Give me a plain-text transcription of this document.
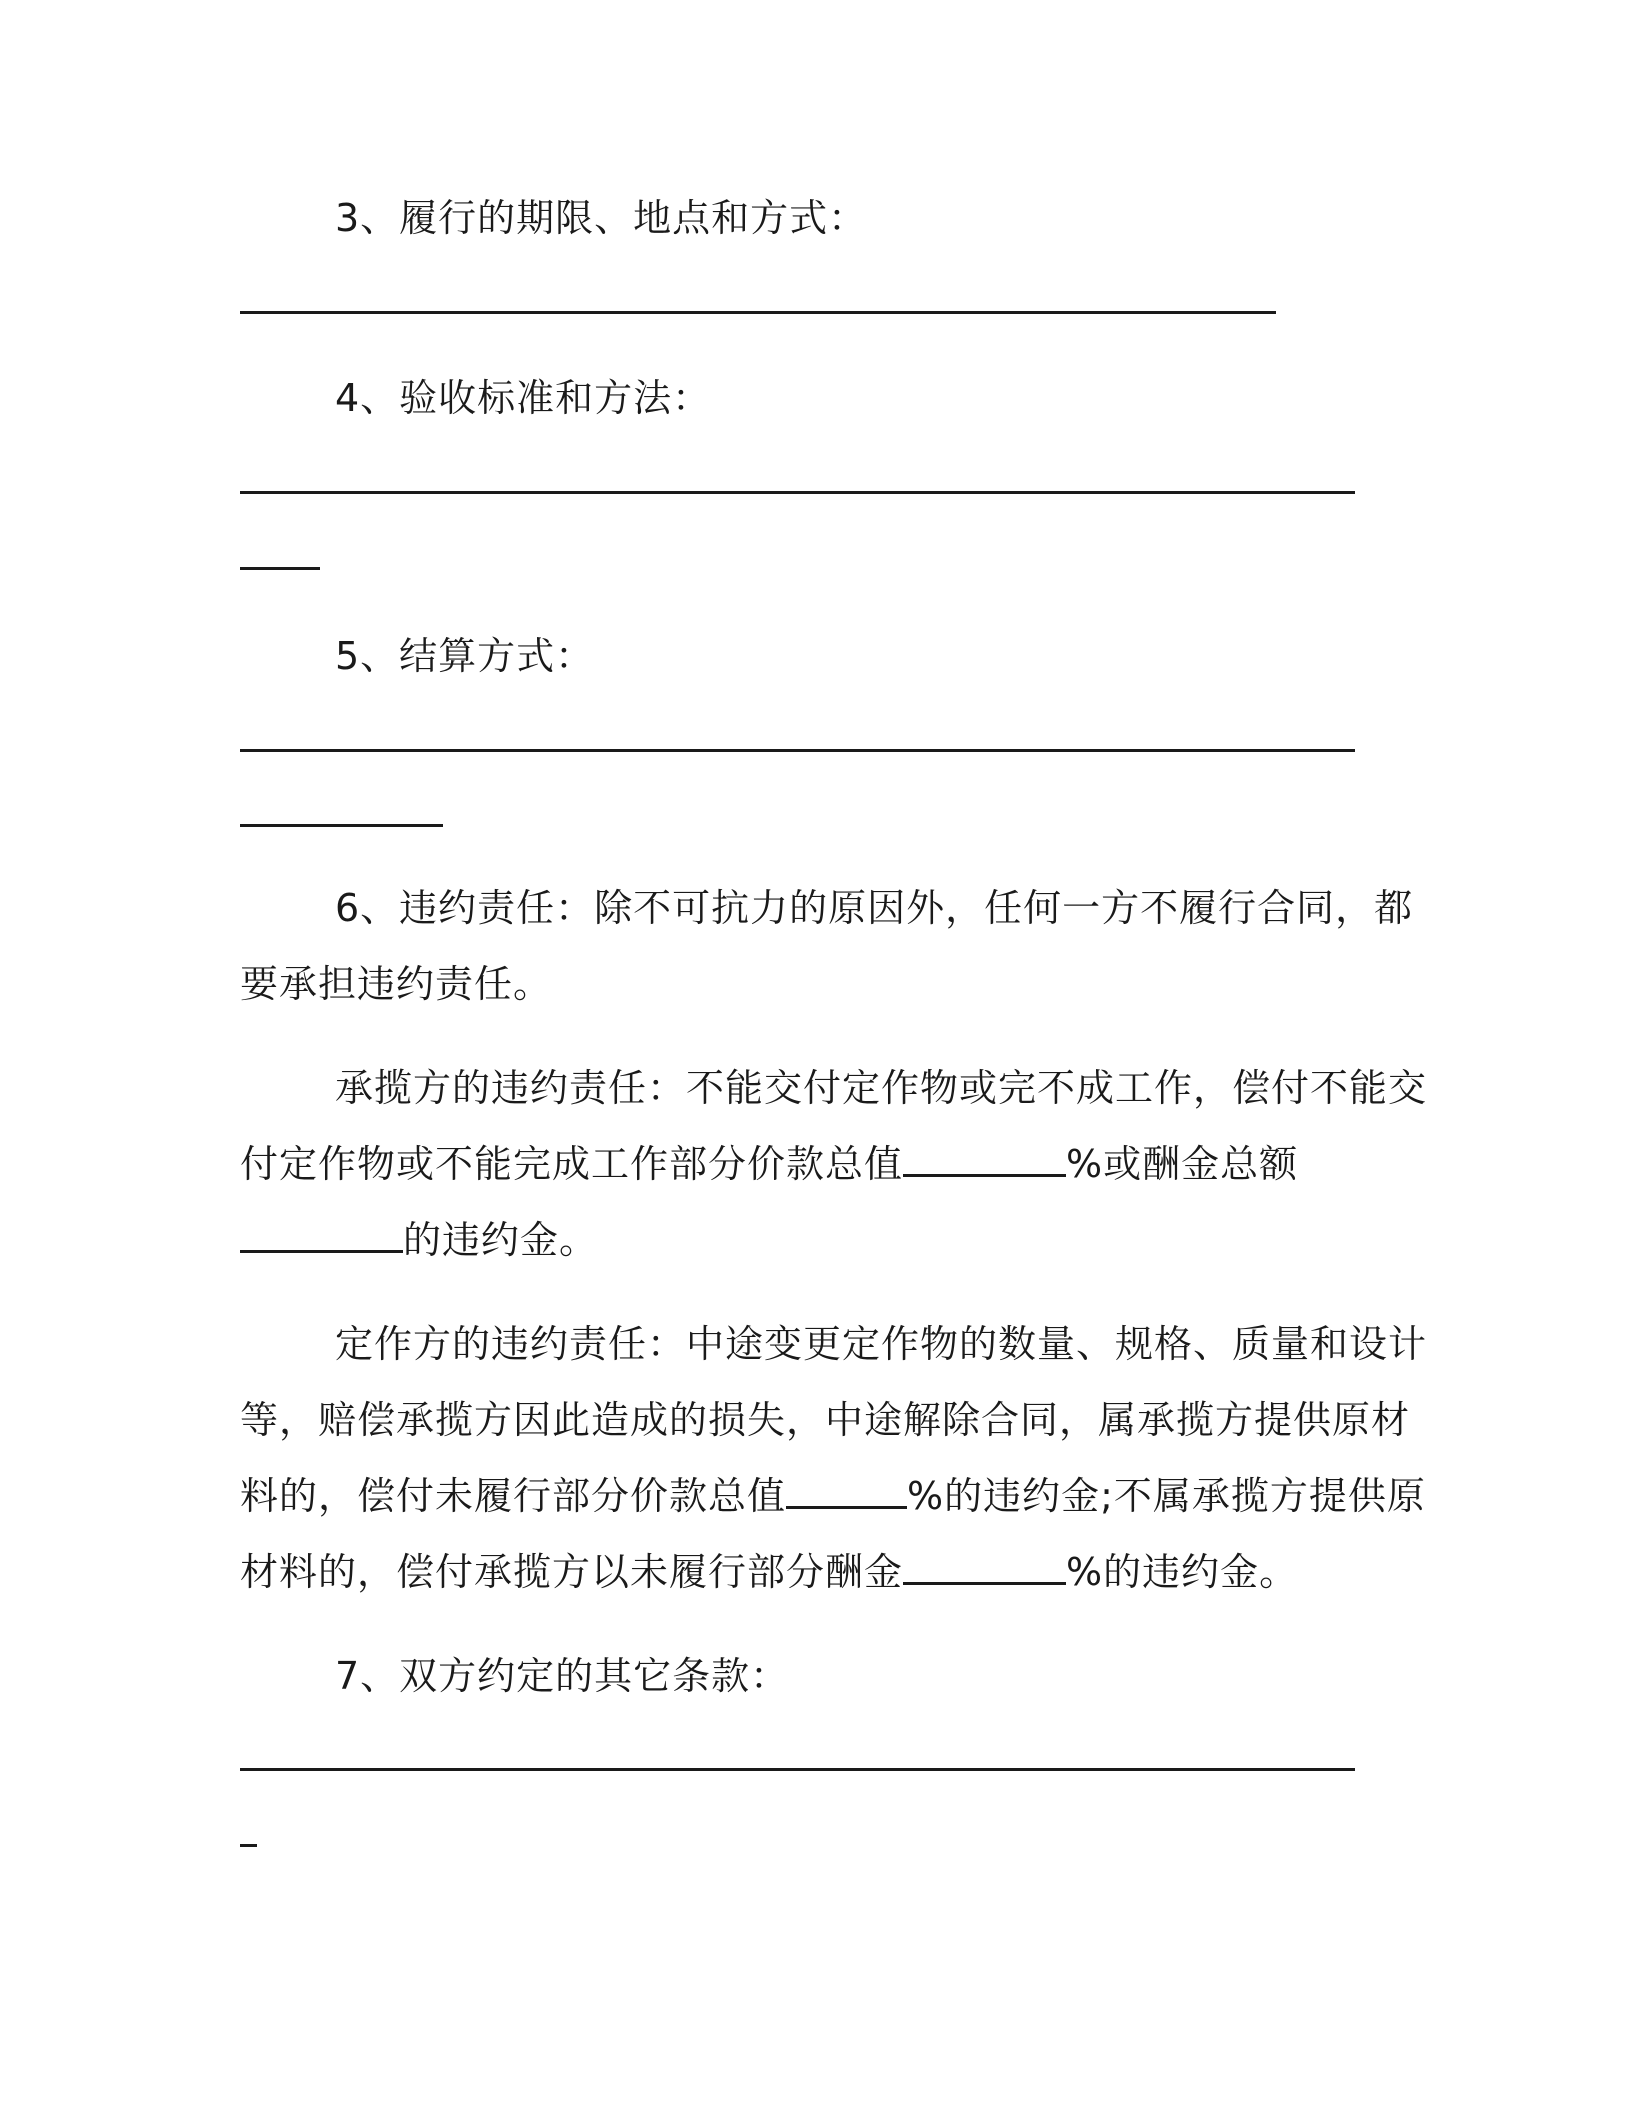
3、履行的期限、地点和方式：
4、验收标准和方法：
5、结算方式：
6、违约责任：除不可抗力的原因外，任何一方不履行合同，都
要承担违约责任。
承揽方的违约责任：不能交付定作物或完不成工作，偿付不能交
付定作物或不能完成工作部分价款总值	%或酬金总额
的违约金。
定作方的违约责任：中途变更定作物的数量、规格、质量和设计
等，赔偿承揽方因此造成的损失，中途解除合同，属承揽方提供原材
料的，偿付未履行部分价款总值	%的违约金;不属承揽方提供原
材料的，偿付承揽方以未履行部分酬金	%的违约金。
7、双方约定的其它条款：
